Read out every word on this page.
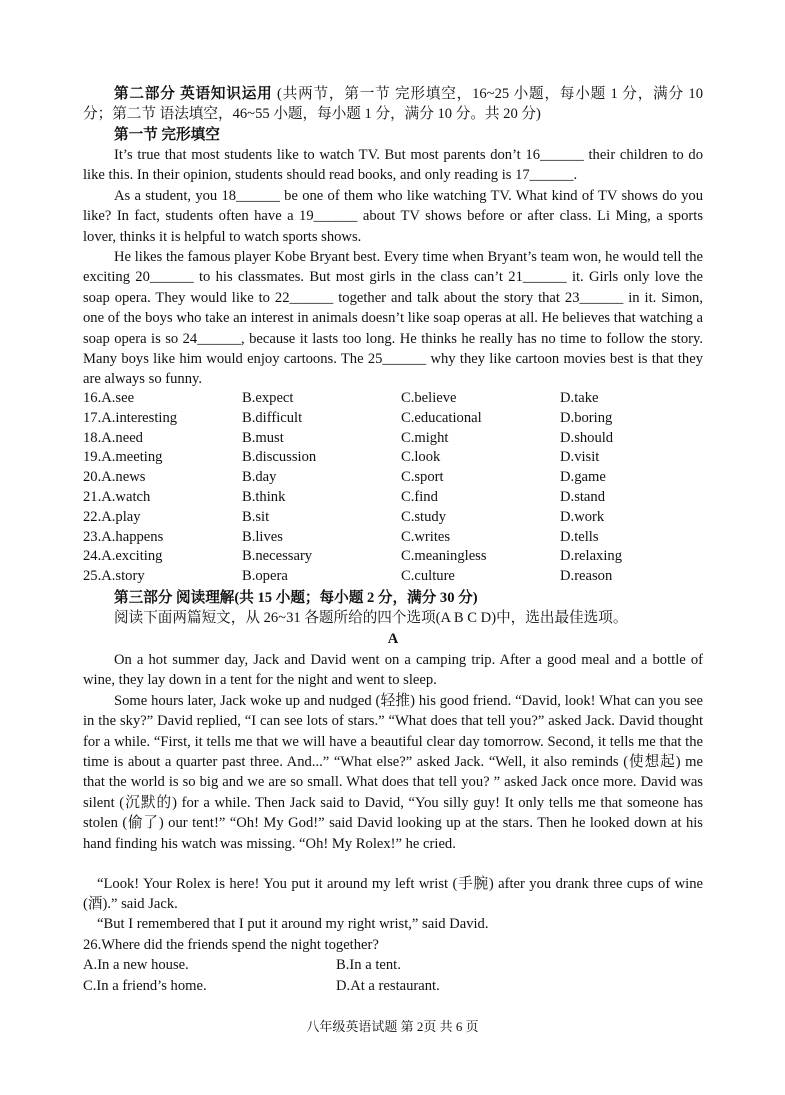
第二部分 英语知识运用 (共两节，第一节 完形填空，16~25 小题，每小题 1 分，满分 10 分；第二节 语法填空，46~55 小题，每小题 1 分，满分 10 分。共 20 分)
第一节 完形填空
It’s true that most students like to watch TV. But most parents don’t 16______ their children to do like this. In their opinion, students should read books, and only reading is 17______.
As a student, you 18______ be one of them who like watching TV. What kind of TV shows do you like? In fact, students often have a 19______ about TV shows before or after class. Li Ming, a sports lover, thinks it is helpful to watch sports shows.
He likes the famous player Kobe Bryant best. Every time when Bryant’s team won, he would tell the exciting 20______ to his classmates. But most girls in the class can’t 21______ it. Girls only love the soap opera. They would like to 22______ together and talk about the story that 23______ in it. Simon, one of the boys who take an interest in animals doesn’t like soap operas at all. He believes that watching a soap opera is so 24______, because it lasts too long. He thinks he really has no time to follow the story. Many boys like him would enjoy cartoons. The 25______ why they like cartoon movies best is that they are always so funny.
16.A.see	B.expect	C.believe	D.take
17.A.interesting	B.difficult	C.educational	D.boring
18.A.need	B.must	C.might	D.should
19.A.meeting	B.discussion	C.look	D.visit
20.A.news	B.day	C.sport	D.game
21.A.watch	B.think	C.find	D.stand
22.A.play	B.sit	C.study	D.work
23.A.happens	B.lives	C.writes	D.tells
24.A.exciting	B.necessary	C.meaningless	D.relaxing
25.A.story	B.opera	C.culture	D.reason
第三部分 阅读理解(共 15 小题；每小题 2 分，满分 30 分)
阅读下面两篇短文，从 26~31 各题所给的四个选项(A B C D)中，选出最佳选项。
A
On a hot summer day, Jack and David went on a camping trip. After a good meal and a bottle of wine, they lay down in a tent for the night and went to sleep.
Some hours later, Jack woke up and nudged (轻推) his good friend. “David, look! What can you see in the sky?” David replied, “I can see lots of stars.” “What does that tell you?” asked Jack. David thought for a while. “First, it tells me that we will have a beautiful clear day tomorrow. Second, it tells me that the time is about a quarter past three. And...” “What else?” asked Jack. “Well, it also reminds (使想起) me that the world is so big and we are so small. What does that tell you? ” asked Jack once more. David was silent (沉默的) for a while. Then Jack said to David, “You silly guy! It only tells me that someone has stolen (偷了) our tent!” “Oh! My God!” said David looking up at the stars. Then he looked down at his hand finding his watch was missing. “Oh! My Rolex!” he cried.
“Look! Your Rolex is here! You put it around my left wrist (手腕) after you drank three cups of wine (酒).” said Jack.
“But I remembered that I put it around my right wrist,” said David.
26.Where did the friends spend the night together?
A.In a new house.	B.In a tent.
C.In a friend’s home.	D.At a restaurant.
八年级英语试题 第 2页 共 6 页
